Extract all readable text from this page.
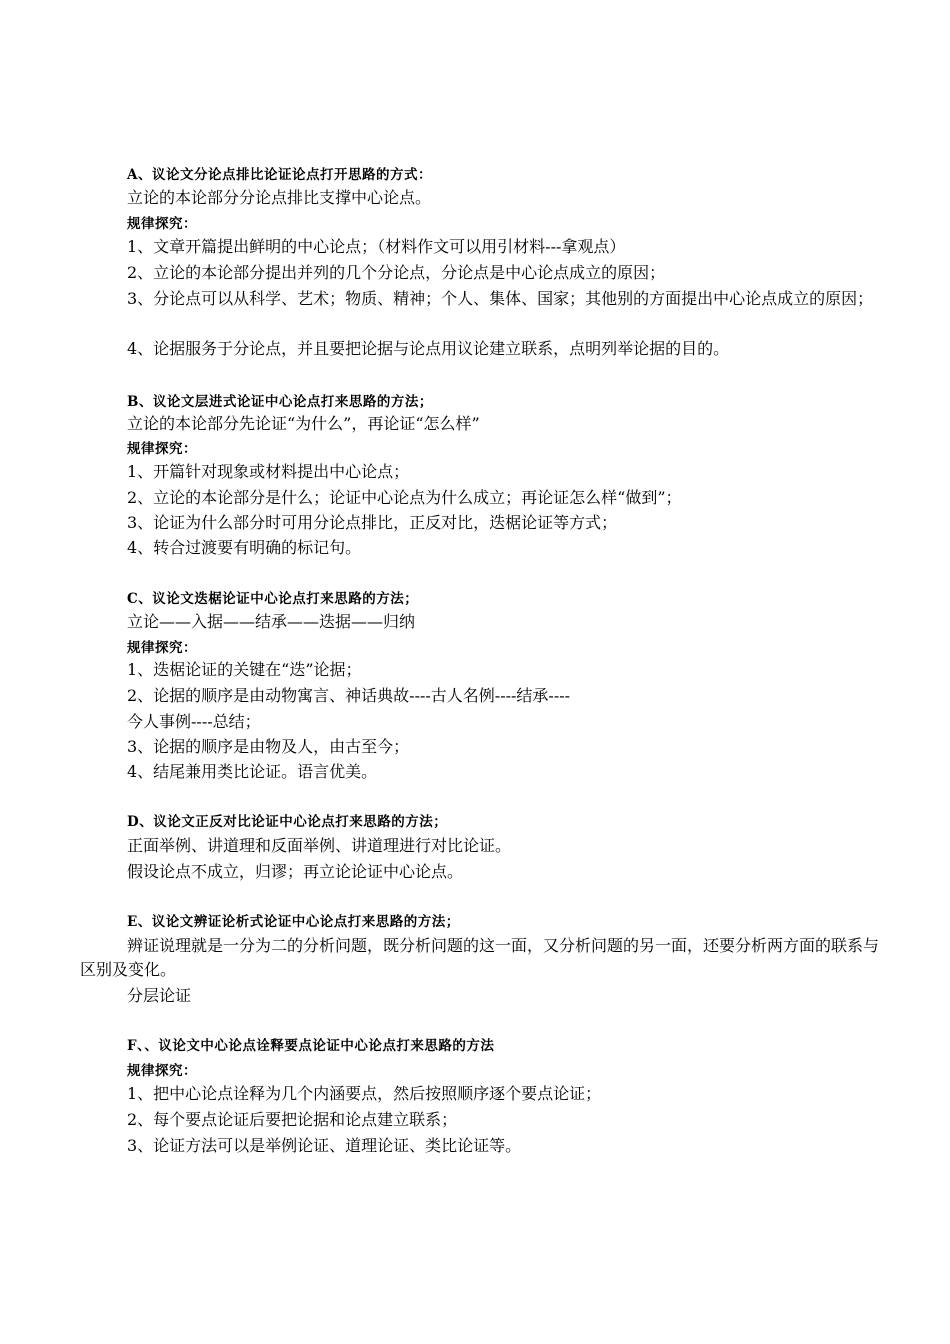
A、议论文分论点排比论证论点打开思路的方式：
立论的本论部分分论点排比支撑中心论点。
规律探究：
1、文章开篇提出鲜明的中心论点；（材料作文可以用引材料---拿观点）
2、立论的本论部分提出并列的几个分论点，分论点是中心论点成立的原因；
3、分论点可以从科学、艺术；物质、精神；个人、集体、国家；其他别的方面提出中心论点成立的原因；
4、论据服务于分论点，并且要把论据与论点用议论建立联系，点明列举论据的目的。
B、议论文层进式论证中心论点打来思路的方法；
立论的本论部分先论证“为什么”，再论证“怎么样”
规律探究：
1、开篇针对现象或材料提出中心论点；
2、立论的本论部分是什么；论证中心论点为什么成立；再论证怎么样“做到”；
3、论证为什么部分时可用分论点排比，正反对比，迭椐论证等方式；
4、转合过渡要有明确的标记句。
C、议论文迭椐论证中心论点打来思路的方法；
立论——入据——结承——迭据——归纳
规律探究：
1、迭椐论证的关键在“迭”论据；
2、论据的顺序是由动物寓言、神话典故----古人名例----结承----
今人事例----总结；
3、论据的顺序是由物及人，由古至今；
4、结尾兼用类比论证。语言优美。
D、议论文正反对比论证中心论点打来思路的方法；
正面举例、讲道理和反面举例、讲道理进行对比论证。
假设论点不成立，归谬；再立论论证中心论点。
E、议论文辨证论析式论证中心论点打来思路的方法；
辨证说理就是一分为二的分析问题，既分析问题的这一面，又分析问题的另一面，还要分析两方面的联系与区别及变化。
分层论证
F、、议论文中心论点诠释要点论证中心论点打来思路的方法
规律探究：
1、把中心论点诠释为几个内涵要点，然后按照顺序逐个要点论证；
2、每个要点论证后要把论据和论点建立联系；
3、论证方法可以是举例论证、道理论证、类比论证等。
